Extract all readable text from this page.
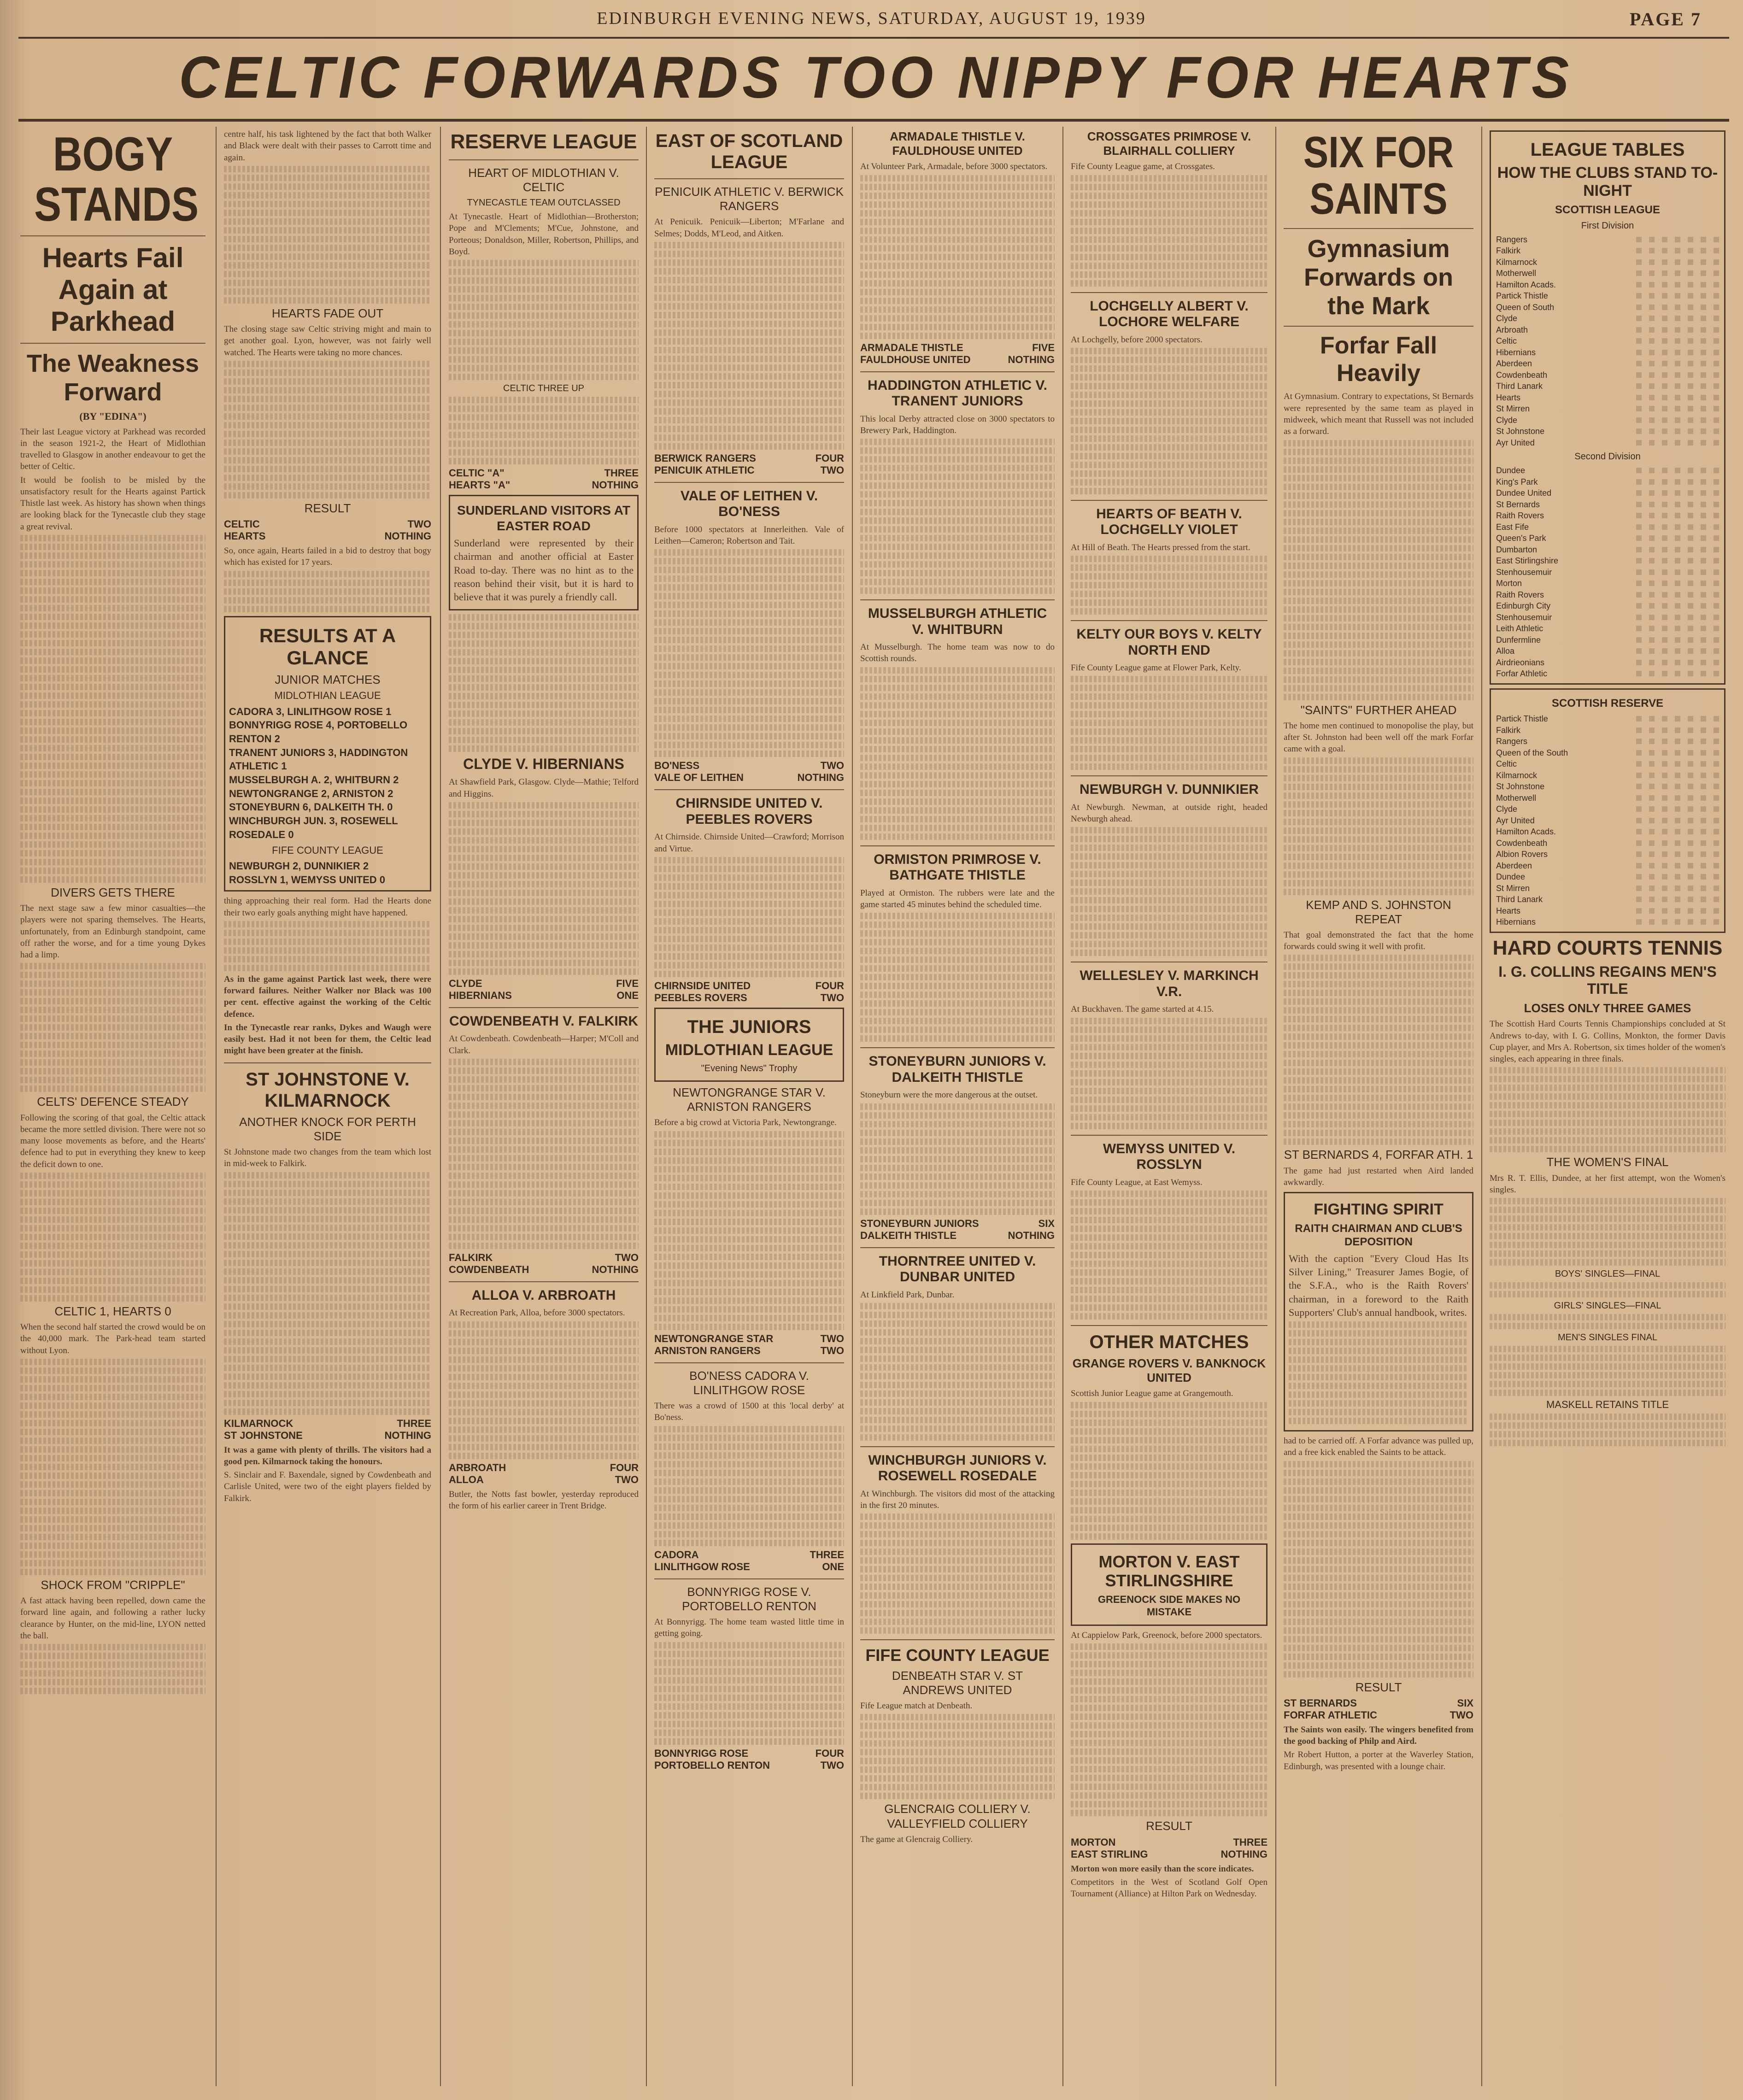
EDINBURGH EVENING NEWS, SATURDAY, AUGUST 19, 1939	PAGE 7
CELTIC FORWARDS TOO NIPPY FOR HEARTS
BOGY STANDS
Hearts Fail Again at Parkhead
The Weakness Forward
(BY "EDINA")

Their last League victory at Parkhead was recorded in the season 1921-2, the Heart of Midlothian travelled to Glasgow in another endeavour to get the better of Celtic.

It would be foolish to be misled by the unsatisfactory result for the Hearts against Partick Thistle last week. As history has shown when things are looking black for the Tynecastle club they stage a great revival.

DIVERS GETS THERE

The next stage saw a few minor casualties—the players were not sparing themselves. The Hearts, unfortunately, from an Edinburgh standpoint, came off rather the worse, and for a time young Dykes had a limp.

CELTS' DEFENCE STEADY

Following the scoring of that goal, the Celtic attack became the more settled division. There were not so many loose movements as before, and the Hearts' defence had to put in everything they knew to keep the deficit down to one.

CELTIC 1, HEARTS 0

When the second half started the crowd would be on the 40,000 mark. The Park-head team started without Lyon.

SHOCK FROM "CRIPPLE"

A fast attack having been repelled, down came the forward line again, and following a rather lucky clearance by Hunter, on the mid-line, LYON netted the ball.

centre half, his task lightened by the fact that both Walker and Black were dealt with their passes to Carrott time and again.

HEARTS FADE OUT

The closing stage saw Celtic striving might and main to get another goal. Lyon, however, was not fairly well watched. The Hearts were taking no more chances.

RESULT
CELTIC	TWO
HEARTS	NOTHING

So, once again, Hearts failed in a bid to destroy that bogy which has existed for 17 years.

RESULTS AT A GLANCE
JUNIOR MATCHES
MIDLOTHIAN LEAGUE
CADORA 3, LINLITHGOW ROSE 1
BONNYRIGG ROSE 4, PORTOBELLO RENTON 2
TRANENT JUNIORS 3, HADDINGTON ATHLETIC 1
MUSSELBURGH A. 2, WHITBURN 2
NEWTONGRANGE 2, ARNISTON 2
STONEYBURN 6, DALKEITH TH. 0
WINCHBURGH JUN. 3, ROSEWELL ROSEDALE 0
FIFE COUNTY LEAGUE
NEWBURGH 2, DUNNIKIER 2
ROSSLYN 1, WEMYSS UNITED 0

thing approaching their real form. Had the Hearts done their two early goals anything might have happened.

As in the game against Partick last week, there were forward failures. Neither Walker nor Black was 100 per cent. effective against the working of the Celtic defence.

In the Tynecastle rear ranks, Dykes and Waugh were easily best. Had it not been for them, the Celtic lead might have been greater at the finish.

ST JOHNSTONE V. KILMARNOCK
ANOTHER KNOCK FOR PERTH SIDE

St Johnstone made two changes from the team which lost in mid-week to Falkirk.

KILMARNOCK	THREE
ST JOHNSTONE	NOTHING

It was a game with plenty of thrills. The visitors had a good pen. Kilmarnock taking the honours.

S. Sinclair and F. Baxendale, signed by Cowdenbeath and Carlisle United, were two of the eight players fielded by Falkirk.

RESERVE LEAGUE
HEART OF MIDLOTHIAN V. CELTIC
TYNECASTLE TEAM OUTCLASSED

At Tynecastle. Heart of Midlothian—Brotherston; Pope and M'Clements; M'Cue, Johnstone, and Porteous; Donaldson, Miller, Robertson, Phillips, and Boyd.

CELTIC THREE UP
CELTIC "A"	THREE
HEARTS "A"	NOTHING
SUNDERLAND VISITORS AT EASTER ROAD

Sunderland were represented by their chairman and another official at Easter Road to-day. There was no hint as to the reason behind their visit, but it is hard to believe that it was purely a friendly call.

CLYDE V. HIBERNIANS

At Shawfield Park, Glasgow. Clyde—Mathie; Telford and Higgins.

CLYDE	FIVE
HIBERNIANS	ONE
COWDENBEATH V. FALKIRK

At Cowdenbeath. Cowdenbeath—Harper; M'Coll and Clark.

FALKIRK	TWO
COWDENBEATH	NOTHING
ALLOA V. ARBROATH

At Recreation Park, Alloa, before 3000 spectators.

ARBROATH	FOUR
ALLOA	TWO

Butler, the Notts fast bowler, yesterday reproduced the form of his earlier career in Trent Bridge.

EAST OF SCOTLAND LEAGUE
PENICUIK ATHLETIC V. BERWICK RANGERS

At Penicuik. Penicuik—Liberton; M'Farlane and Selmes; Dodds, M'Leod, and Aitken.

BERWICK RANGERS	FOUR
PENICUIK ATHLETIC	TWO
VALE OF LEITHEN V. BO'NESS

Before 1000 spectators at Innerleithen. Vale of Leithen—Cameron; Robertson and Tait.

BO'NESS	TWO
VALE OF LEITHEN	NOTHING
CHIRNSIDE UNITED V. PEEBLES ROVERS

At Chirnside. Chirnside United—Crawford; Morrison and Virtue.

CHIRNSIDE UNITED	FOUR
PEEBLES ROVERS	TWO
THE JUNIORS
MIDLOTHIAN LEAGUE
"Evening News" Trophy
NEWTONGRANGE STAR V. ARNISTON RANGERS

Before a big crowd at Victoria Park, Newtongrange.

NEWTONGRANGE STAR	TWO
ARNISTON RANGERS	TWO
BO'NESS CADORA V. LINLITHGOW ROSE

There was a crowd of 1500 at this 'local derby' at Bo'ness.

CADORA	THREE
LINLITHGOW ROSE	ONE
BONNYRIGG ROSE V. PORTOBELLO RENTON

At Bonnyrigg. The home team wasted little time in getting going.

BONNYRIGG ROSE	FOUR
PORTOBELLO RENTON	TWO
ARMADALE THISTLE V. FAULDHOUSE UNITED

At Volunteer Park, Armadale, before 3000 spectators.

ARMADALE THISTLE	FIVE
FAULDHOUSE UNITED	NOTHING
HADDINGTON ATHLETIC V. TRANENT JUNIORS

This local Derby attracted close on 3000 spectators to Brewery Park, Haddington.

MUSSELBURGH ATHLETIC V. WHITBURN

At Musselburgh. The home team was now to do Scottish rounds.

ORMISTON PRIMROSE V. BATHGATE THISTLE

Played at Ormiston. The rubbers were late and the game started 45 minutes behind the scheduled time.

STONEYBURN JUNIORS V. DALKEITH THISTLE

Stoneyburn were the more dangerous at the outset.

STONEYBURN JUNIORS	SIX
DALKEITH THISTLE	NOTHING
THORNTREE UNITED V. DUNBAR UNITED

At Linkfield Park, Dunbar.

WINCHBURGH JUNIORS V. ROSEWELL ROSEDALE

At Winchburgh. The visitors did most of the attacking in the first 20 minutes.

FIFE COUNTY LEAGUE
DENBEATH STAR V. ST ANDREWS UNITED

Fife League match at Denbeath.

GLENCRAIG COLLIERY V. VALLEYFIELD COLLIERY

The game at Glencraig Colliery.

CROSSGATES PRIMROSE V. BLAIRHALL COLLIERY

Fife County League game, at Crossgates.

LOCHGELLY ALBERT V. LOCHORE WELFARE

At Lochgelly, before 2000 spectators.

HEARTS OF BEATH V. LOCHGELLY VIOLET

At Hill of Beath. The Hearts pressed from the start.

KELTY OUR BOYS V. KELTY NORTH END

Fife County League game at Flower Park, Kelty.

NEWBURGH V. DUNNIKIER

At Newburgh. Newman, at outside right, headed Newburgh ahead.

WELLESLEY V. MARKINCH V.R.

At Buckhaven. The game started at 4.15.

WEMYSS UNITED V. ROSSLYN

Fife County League, at East Wemyss.

OTHER MATCHES
GRANGE ROVERS V. BANKNOCK UNITED

Scottish Junior League game at Grangemouth.

MORTON V. EAST STIRLINGSHIRE
GREENOCK SIDE MAKES NO MISTAKE

At Cappielow Park, Greenock, before 2000 spectators.

RESULT
MORTON	THREE
EAST STIRLING	NOTHING

Morton won more easily than the score indicates.

Competitors in the West of Scotland Golf Open Tournament (Alliance) at Hilton Park on Wednesday.

SIX FOR SAINTS
Gymnasium Forwards on the Mark
Forfar Fall Heavily

At Gymnasium. Contrary to expectations, St Bernards were represented by the same team as played in midweek, which meant that Russell was not included as a forward.

"SAINTS" FURTHER AHEAD

The home men continued to monopolise the play, but after St. Johnston had been well off the mark Forfar came with a goal.

KEMP AND S. JOHNSTON REPEAT

That goal demonstrated the fact that the home forwards could swing it well with profit.

ST BERNARDS 4, FORFAR ATH. 1

The game had just restarted when Aird landed awkwardly.

FIGHTING SPIRIT
RAITH CHAIRMAN AND CLUB'S DEPOSITION

With the caption "Every Cloud Has Its Silver Lining," Treasurer James Bogie, of the S.F.A., who is the Raith Rovers' chairman, in a foreword to the Raith Supporters' Club's annual handbook, writes.

had to be carried off. A Forfar advance was pulled up, and a free kick enabled the Saints to be attack.

RESULT
ST BERNARDS	SIX
FORFAR ATHLETIC	TWO

The Saints won easily. The wingers benefited from the good backing of Philp and Aird.

Mr Robert Hutton, a porter at the Waverley Station, Edinburgh, was presented with a lounge chair.

LEAGUE TABLES
HOW THE CLUBS STAND TO-NIGHT
SCOTTISH LEAGUE
First Division
Rangers							
Falkirk							
Kilmarnock							
Motherwell							
Hamilton Acads.							
Partick Thistle							
Queen of South							
Clyde							
Arbroath							
Celtic							
Hibernians							
Aberdeen							
Cowdenbeath							
Third Lanark							
Hearts							
St Mirren							
Clyde							
St Johnstone							
Ayr United							
Second Division
Dundee							
King's Park							
Dundee United							
St Bernards							
Raith Rovers							
East Fife							
Queen's Park							
Dumbarton							
East Stirlingshire							
Stenhousemuir							
Morton							
Raith Rovers							
Edinburgh City							
Stenhousemuir							
Leith Athletic							
Dunfermline							
Alloa							
Airdrieonians							
Forfar Athletic							
SCOTTISH RESERVE
Partick Thistle							
Falkirk							
Rangers							
Queen of the South							
Celtic							
Kilmarnock							
St Johnstone							
Motherwell							
Clyde							
Ayr United							
Hamilton Acads.							
Cowdenbeath							
Albion Rovers							
Aberdeen							
Dundee							
St Mirren							
Third Lanark							
Hearts							
Hibernians							
HARD COURTS TENNIS
I. G. COLLINS REGAINS MEN'S TITLE
LOSES ONLY THREE GAMES

The Scottish Hard Courts Tennis Championships concluded at St Andrews to-day, with I. G. Collins, Monkton, the former Davis Cup player, and Mrs A. Robertson, six times holder of the women's singles, each appearing in three finals.

THE WOMEN'S FINAL

Mrs R. T. Ellis, Dundee, at her first attempt, won the Women's singles.

BOYS' SINGLES—FINAL
GIRLS' SINGLES—FINAL
MEN'S SINGLES FINAL
MASKELL RETAINS TITLE
